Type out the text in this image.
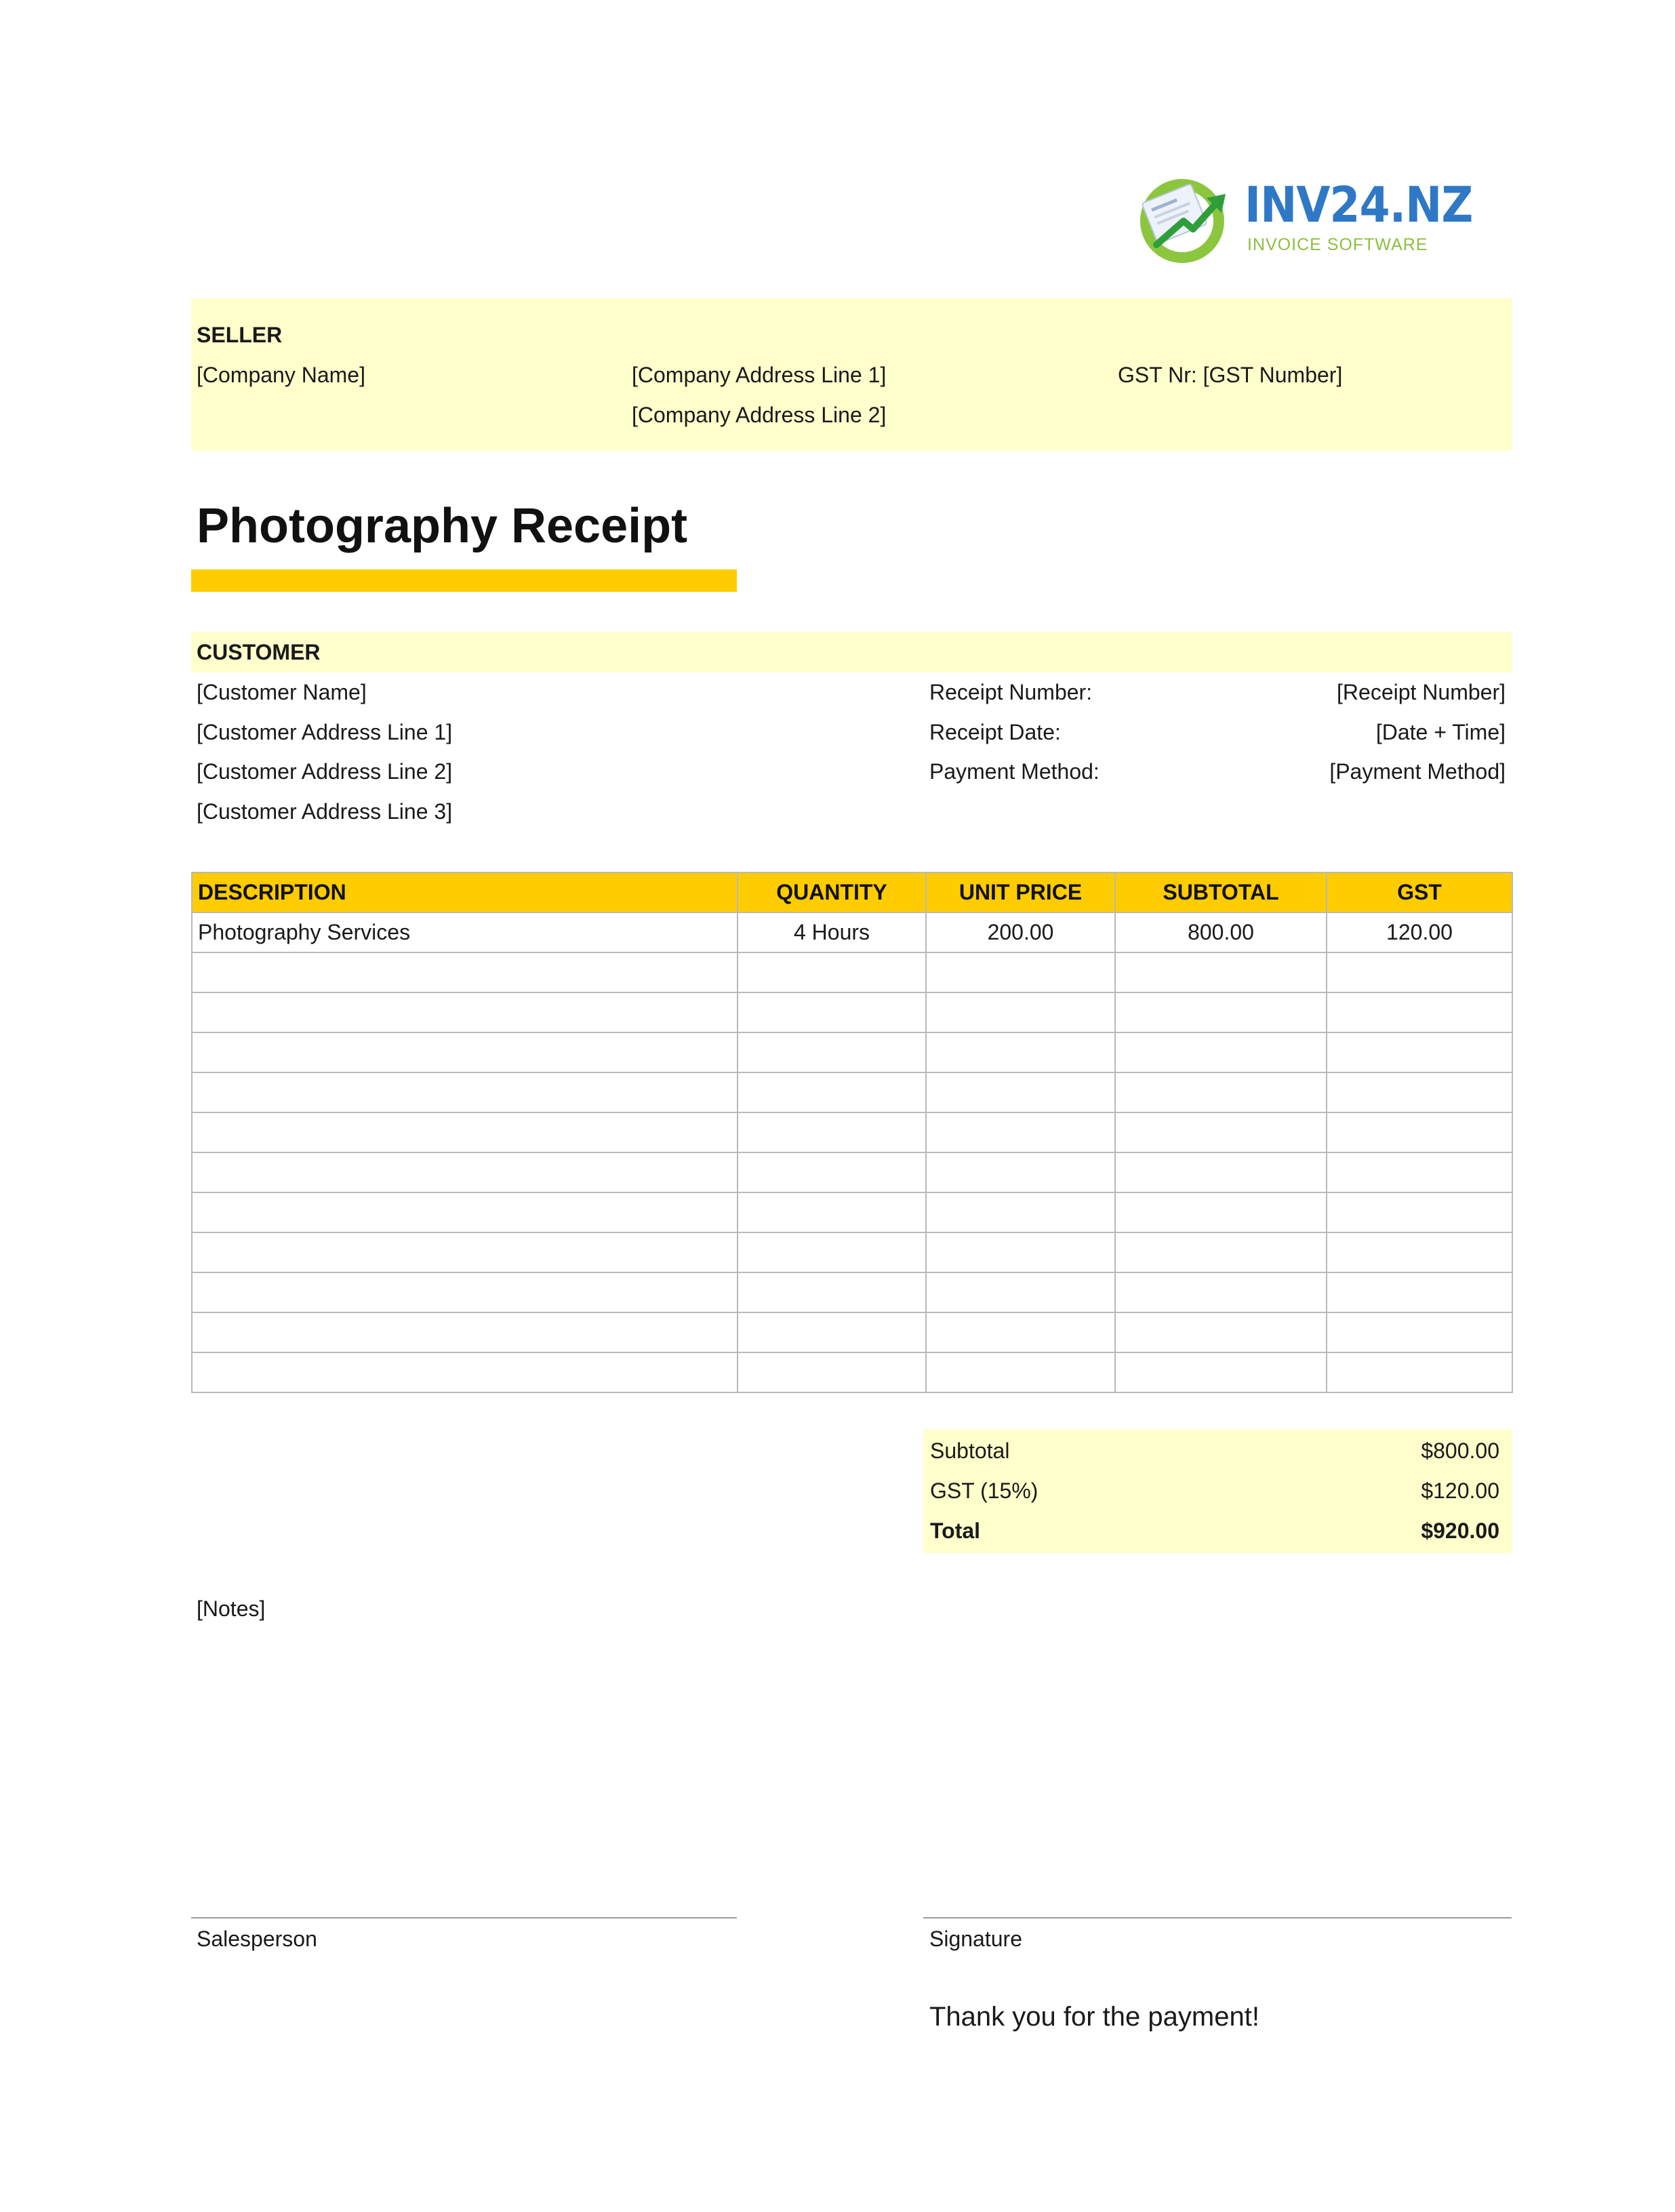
INV24.NZ
INVOICE SOFTWARE
SELLER
[Company Name]	[Company Address Line 1]
[Company Address Line 2]
GST Nr: [GST Number]
Photography Receipt
CUSTOMER
[Customer Name]
[Customer Address Line 1]
[Customer Address Line 2]
[Customer Address Line 3]
Receipt Number:	[Receipt Number]
Receipt Date:	[Date + Time]
Payment Method:	[Payment Method]
DESCRIPTION	QUANTITY	UNIT PRICE	SUBTOTAL	GST
Photography Services	4 Hours	200.00	800.00	120.00

Subtotal	$800.00
GST (15%)	$120.00
Total	$920.00
[Notes]
Salesperson	Signature
Thank you for the payment!
